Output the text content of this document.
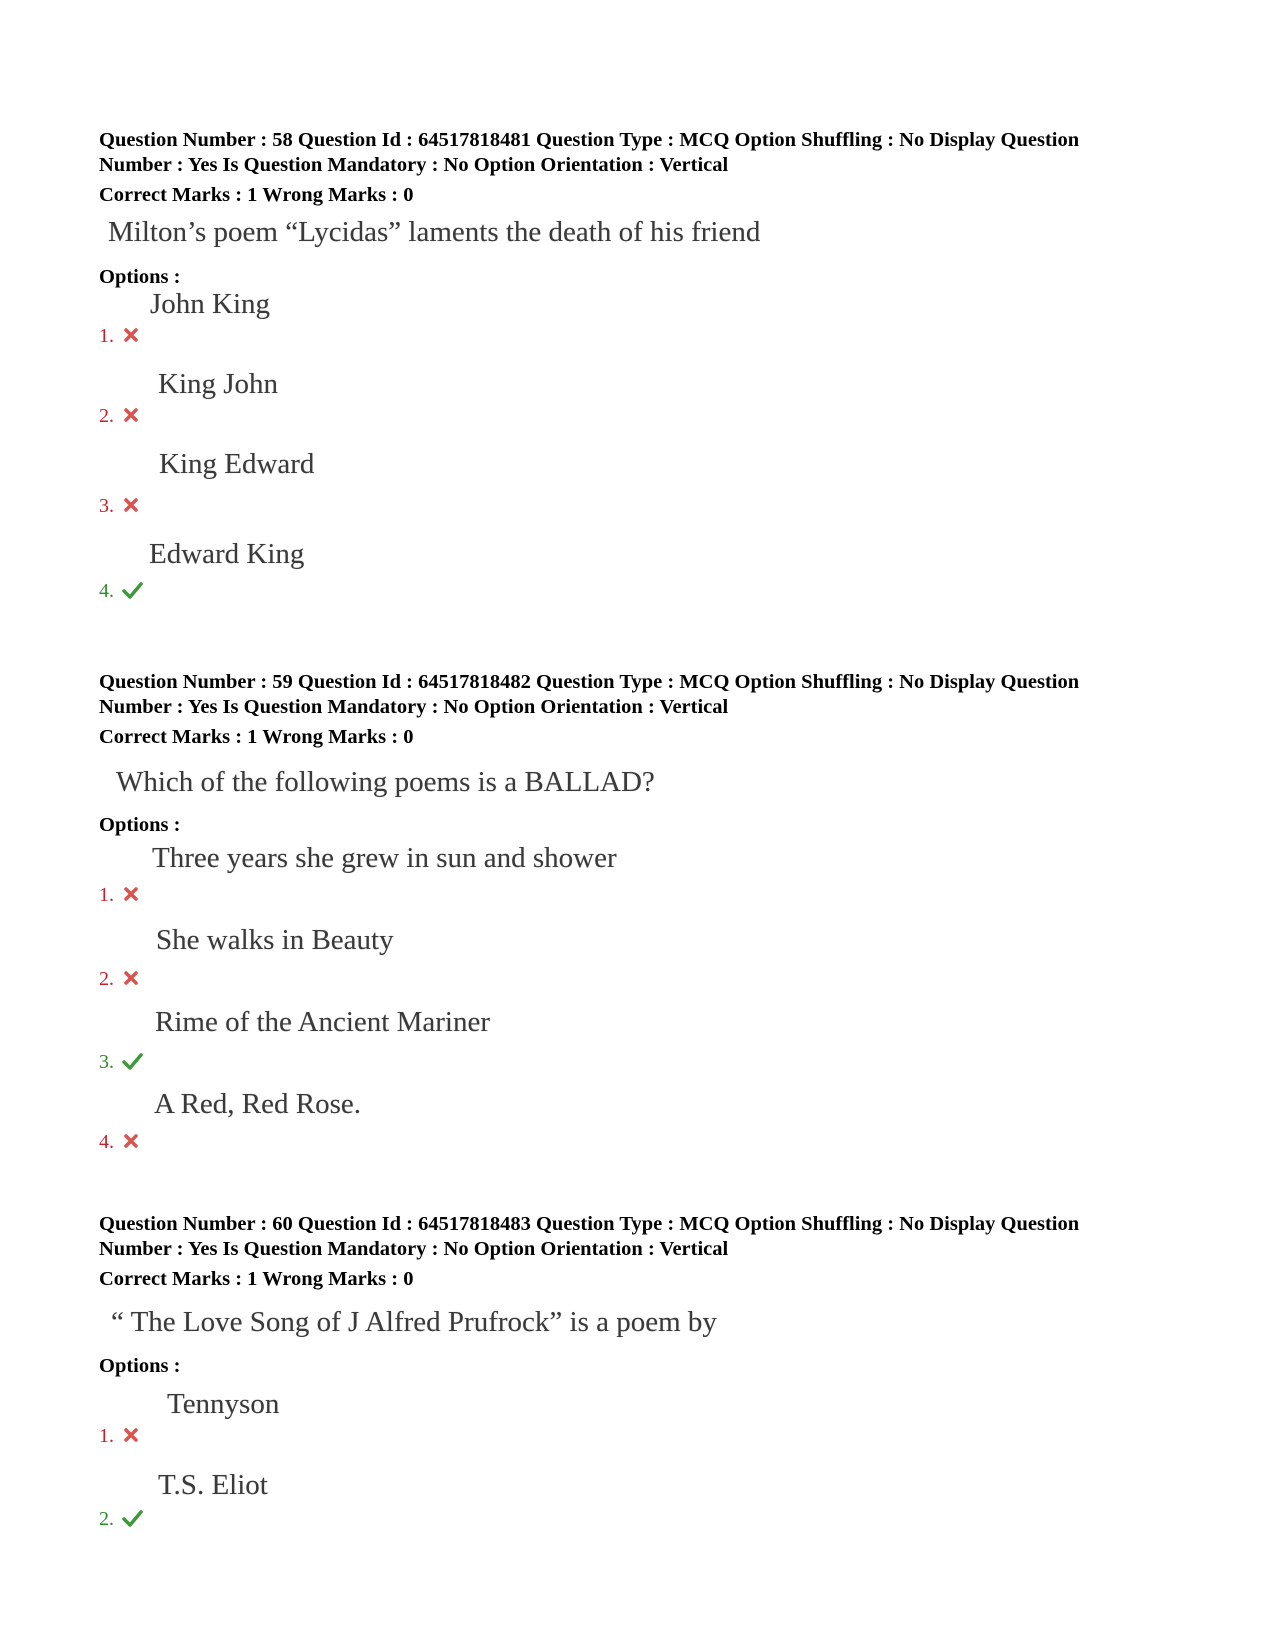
Question Number : 58 Question Id : 64517818481 Question Type : MCQ Option Shuffling : No Display Question

Number : Yes Is Question Mandatory : No Option Orientation : Vertical

Correct Marks : 1 Wrong Marks : 0

Milton’s poem “Lycidas” laments the death of his friend
Options :
1.
John King
2.
King John
3.
King Edward
4.
Edward King

Question Number : 59 Question Id : 64517818482 Question Type : MCQ Option Shuffling : No Display Question

Number : Yes Is Question Mandatory : No Option Orientation : Vertical

Correct Marks : 1 Wrong Marks : 0

Which of the following poems is a BALLAD?
Options :
1.
Three years she grew in sun and shower
2.
She walks in Beauty
3.
Rime of the Ancient Mariner
4.
A Red, Red Rose.

Question Number : 60 Question Id : 64517818483 Question Type : MCQ Option Shuffling : No Display Question

Number : Yes Is Question Mandatory : No Option Orientation : Vertical

Correct Marks : 1 Wrong Marks : 0

“ The Love Song of J Alfred Prufrock” is a poem by
Options :
1.
Tennyson
2.
T.S. Eliot
